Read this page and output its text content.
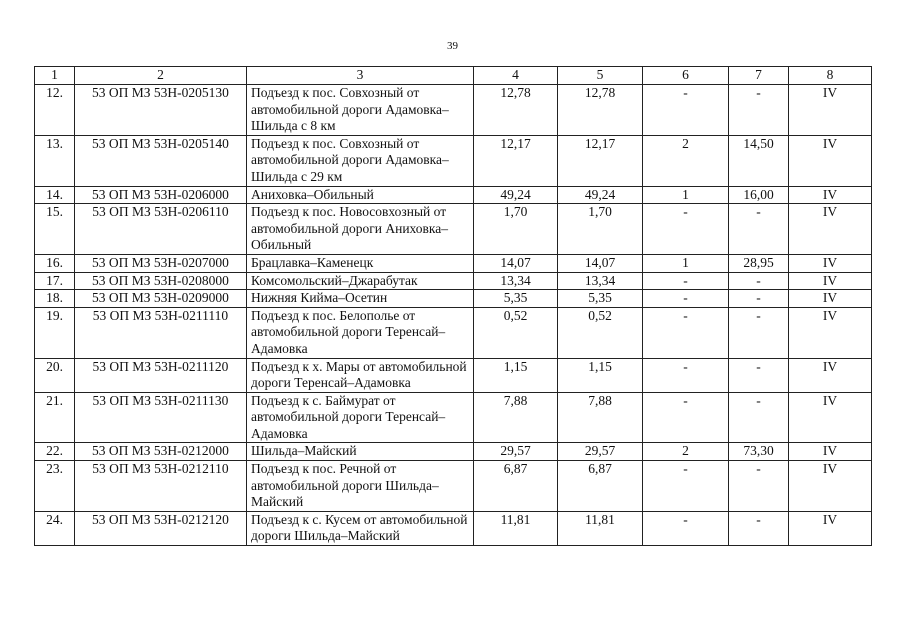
39
1	2	3	4	5	6	7	8
12.	53 ОП МЗ 53Н-0205130	Подъезд к пос. Совхозный от автомобильной дороги Адамовка–Шильда с 8 км	12,78	12,78	-	-	IV
13.	53 ОП МЗ 53Н-0205140	Подъезд к пос. Совхозный от автомобильной дороги Адамовка–Шильда с 29 км	12,17	12,17	2	14,50	IV
14.	53 ОП МЗ 53Н-0206000	Аниховка–Обильный	49,24	49,24	1	16,00	IV
15.	53 ОП МЗ 53Н-0206110	Подъезд к пос. Новосовхозный от автомобильной дороги Аниховка–Обильный	1,70	1,70	-	-	IV
16.	53 ОП МЗ 53Н-0207000	Брацлавка–Каменецк	14,07	14,07	1	28,95	IV
17.	53 ОП МЗ 53Н-0208000	Комсомольский–Джарабутак	13,34	13,34	-	-	IV
18.	53 ОП МЗ 53Н-0209000	Нижняя Кийма–Осетин	5,35	5,35	-	-	IV
19.	53 ОП МЗ 53Н-0211110	Подъезд к пос. Белополье от автомобильной дороги Теренсай–Адамовка	0,52	0,52	-	-	IV
20.	53 ОП МЗ 53Н-0211120	Подъезд к х. Мары от автомобильной дороги Теренсай–Адамовка	1,15	1,15	-	-	IV
21.	53 ОП МЗ 53Н-0211130	Подъезд к с. Баймурат от автомобильной дороги Теренсай–Адамовка	7,88	7,88	-	-	IV
22.	53 ОП МЗ 53Н-0212000	Шильда–Майский	29,57	29,57	2	73,30	IV
23.	53 ОП МЗ 53Н-0212110	Подъезд к пос. Речной от автомобильной дороги Шильда–Майский	6,87	6,87	-	-	IV
24.	53 ОП МЗ 53Н-0212120	Подъезд к с. Кусем от автомобильной дороги Шильда–Майский	11,81	11,81	-	-	IV
